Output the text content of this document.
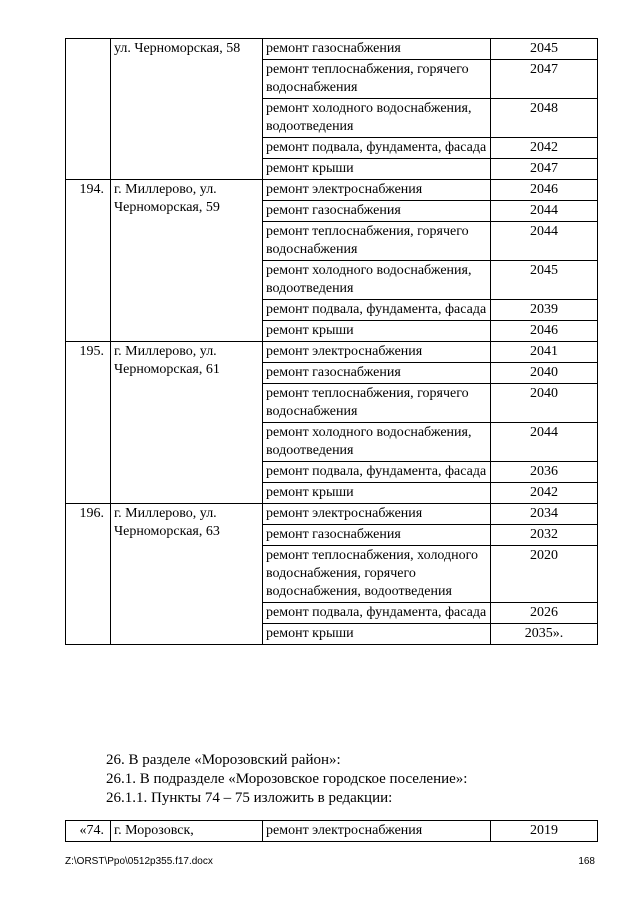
	ул. Черноморская, 58	ремонт газоснабжения	2045
		ремонт теплоснабжения, горячего водоснабжения	2047
		ремонт холодного водоснабжения, водоотведения	2048
		ремонт подвала, фундамента, фасада	2042
		ремонт крыши	2047
194.	г. Миллерово, ул. Черноморская, 59	ремонт электроснабжения	2046
		ремонт газоснабжения	2044
		ремонт теплоснабжения, горячего водоснабжения	2044
		ремонт холодного водоснабжения, водоотведения	2045
		ремонт подвала, фундамента, фасада	2039
		ремонт крыши	2046
195.	г. Миллерово, ул. Черноморская, 61	ремонт электроснабжения	2041
		ремонт газоснабжения	2040
		ремонт теплоснабжения, горячего водоснабжения	2040
		ремонт холодного водоснабжения, водоотведения	2044
		ремонт подвала, фундамента, фасада	2036
		ремонт крыши	2042
196.	г. Миллерово, ул. Черноморская, 63	ремонт электроснабжения	2034
		ремонт газоснабжения	2032
		ремонт теплоснабжения, холодного водоснабжения, горячего водоснабжения, водоотведения	2020
		ремонт подвала, фундамента, фасада	2026
		ремонт крыши	2035».
26. В разделе «Морозовский район»:
26.1. В подразделе «Морозовское городское поселение»:
26.1.1. Пункты 74 – 75 изложить в редакции:
«74.	г. Морозовск,	ремонт электроснабжения	2019
Z:\ORST\Ppo\0512p355.f17.docx	168
